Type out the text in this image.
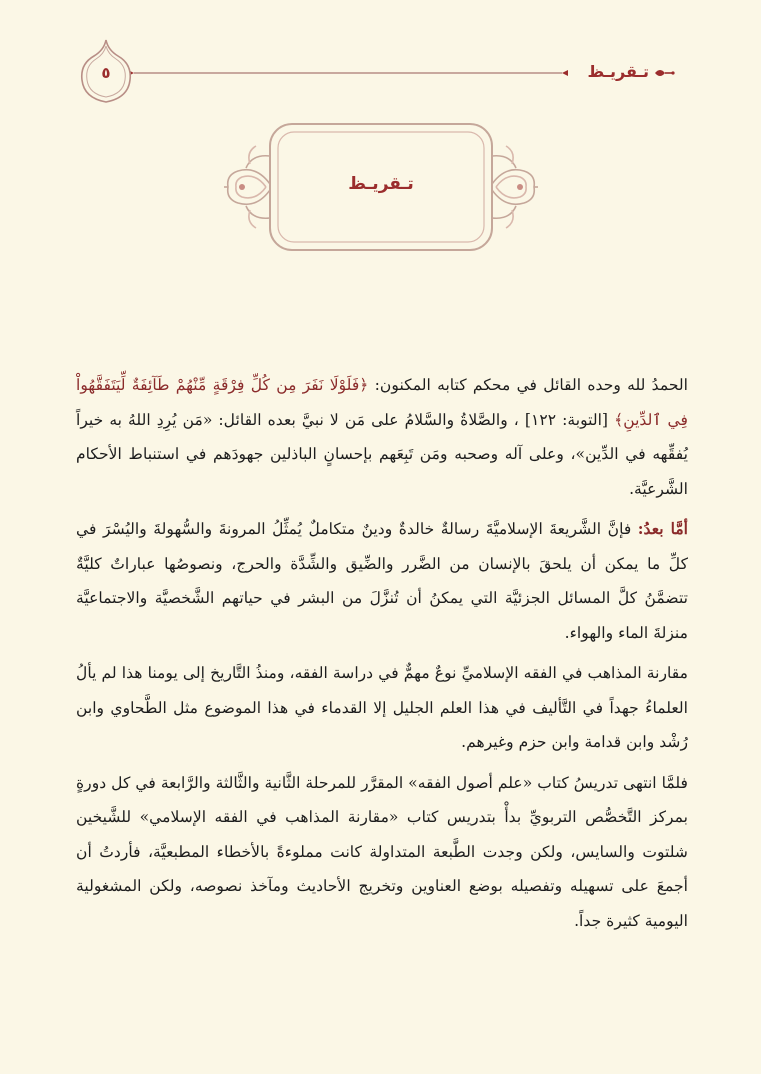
تـقريـظ
٥
تـقريـظ

الحمدُ لله وحده القائل في محكم كتابه المكنون: ﴿فَلَوْلَا نَفَرَ مِن كُلِّ فِرْقَةٍ مِّنْهُمْ طَآئِفَةٌ لِّيَتَفَقَّهُواْ فِي ٱلدِّينِ﴾ [التوبة: ١٢٢] ، والصَّلاةُ والسَّلامُ على مَن لا نبيَّ بعده القائل: «مَن يُرِدِ اللهُ به خيراً يُفقِّهه في الدِّين»، وعلى آله وصحبه ومَن تَبِعَهم بإحسانٍ الباذلين جهودَهم في استنباط الأحكام الشَّرعيَّة.

أمَّا بعدُ: فإنَّ الشَّريعةَ الإسلاميَّةَ رسالةٌ خالدةٌ ودينٌ متكاملٌ يُمثِّلُ المرونةَ والسُّهولةَ واليُسْرَ في كلِّ ما يمكن أن يلحقَ بالإنسان من الضَّرر والضِّيق والشِّدَّة والحرج، ونصوصُها عباراتٌ كليَّةٌ تتضمَّنُ كلَّ المسائل الجزئيَّة التي يمكنُ أن تُنزَّلَ من البشر في حياتهم الشَّخصيَّة والاجتماعيَّة منزلةَ الماء والهواء.

مقارنة المذاهب في الفقه الإسلاميِّ نوعٌ مهمٌّ في دراسة الفقه، ومنذُ التَّاريخ إلى يومنا هذا لم يألُ العلماءُ جهداً في التَّأليف في هذا العلم الجليل إلا القدماء في هذا الموضوع مثل الطَّحاوي وابن رُشْد وابن قدامة وابن حزم وغيرهم.

فلمَّا انتهى تدريسُ كتاب «علم أصول الفقه» المقرَّر للمرحلة الثَّانية والثَّالثة والرَّابعة في كل دورةٍ بمركز التَّخصُّص التربويِّ بدأْ بتدريس كتاب «مقارنة المذاهب في الفقه الإسلامي» للشَّيخين شلتوت والسايس، ولكن وجدت الطَّبعة المتداولة كانت مملوءةً بالأخطاء المطبعيَّة، فأردتُ أن أجمعَ على تسهيله وتفصيله بوضع العناوين وتخريج الأحاديث ومآخذ نصوصه، ولكن المشغولية اليومية كثيرة جداً.
